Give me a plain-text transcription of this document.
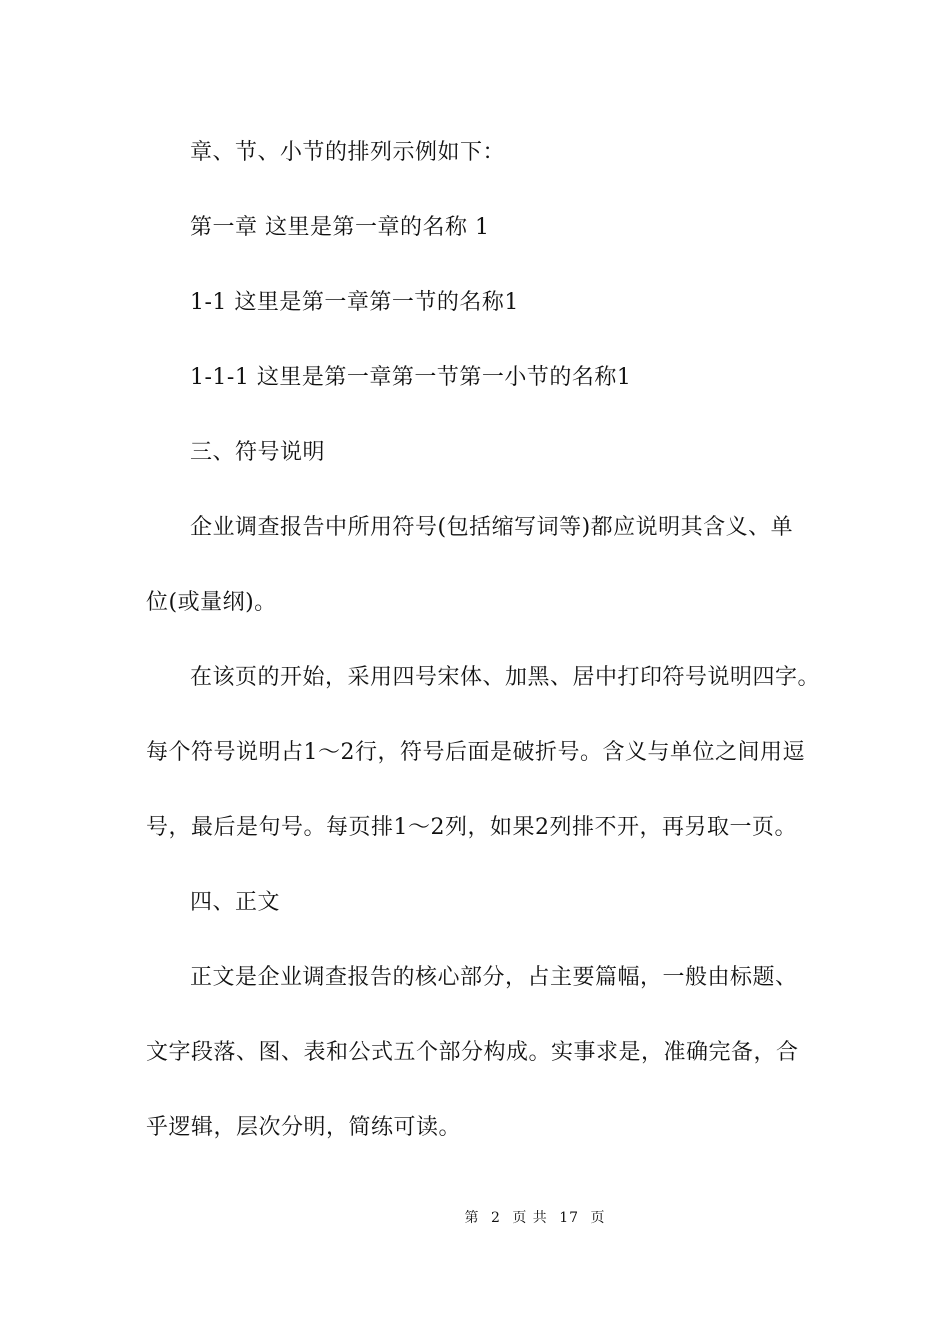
章、节、小节的排列示例如下：
第一章 这里是第一章的名称 1
1-1 这里是第一章第一节的名称1
1-1-1 这里是第一章第一节第一小节的名称1
三、符号说明
企业调查报告中所用符号(包括缩写词等)都应说明其含义、单
位(或量纲)。
在该页的开始，采用四号宋体、加黑、居中打印符号说明四字。
每个符号说明占1～2行，符号后面是破折号。含义与单位之间用逗
号，最后是句号。每页排1～2列，如果2列排不开，再另取一页。
四、正文
正文是企业调查报告的核心部分，占主要篇幅，一般由标题、
文字段落、图、表和公式五个部分构成。实事求是，准确完备，合
乎逻辑，层次分明，简练可读。
第 2 页 共 17 页
